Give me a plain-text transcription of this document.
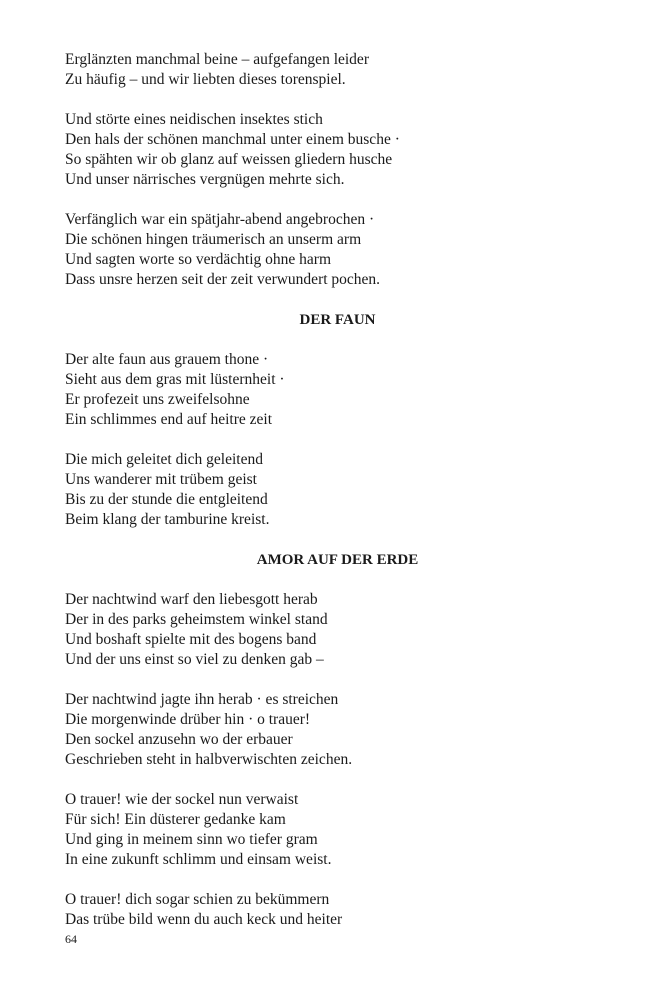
Erglänzten manchmal beine – aufgefangen leider
Zu häufig – und wir liebten dieses torenspiel.
Und störte eines neidischen insektes stich
Den hals der schönen manchmal unter einem busche ·
So spähten wir ob glanz auf weissen gliedern husche
Und unser närrisches vergnügen mehrte sich.
Verfänglich war ein spätjahr-abend angebrochen ·
Die schönen hingen träumerisch an unserm arm
Und sagten worte so verdächtig ohne harm
Dass unsre herzen seit der zeit verwundert pochen.
DER FAUN
Der alte faun aus grauem thone ·
Sieht aus dem gras mit lüsternheit ·
Er profezeit uns zweifelsohne
Ein schlimmes end auf heitre zeit
Die mich geleitet dich geleitend
Uns wanderer mit trübem geist
Bis zu der stunde die entgleitend
Beim klang der tamburine kreist.
AMOR AUF DER ERDE
Der nachtwind warf den liebesgott herab
Der in des parks geheimstem winkel stand
Und boshaft spielte mit des bogens band
Und der uns einst so viel zu denken gab –
Der nachtwind jagte ihn herab · es streichen
Die morgenwinde drüber hin · o trauer!
Den sockel anzusehn wo der erbauer
Geschrieben steht in halbverwischten zeichen.
O trauer! wie der sockel nun verwaist
Für sich! Ein düsterer gedanke kam
Und ging in meinem sinn wo tiefer gram
In eine zukunft schlimm und einsam weist.
O trauer! dich sogar schien zu bekümmern
Das trübe bild wenn du auch keck und heiter
64
